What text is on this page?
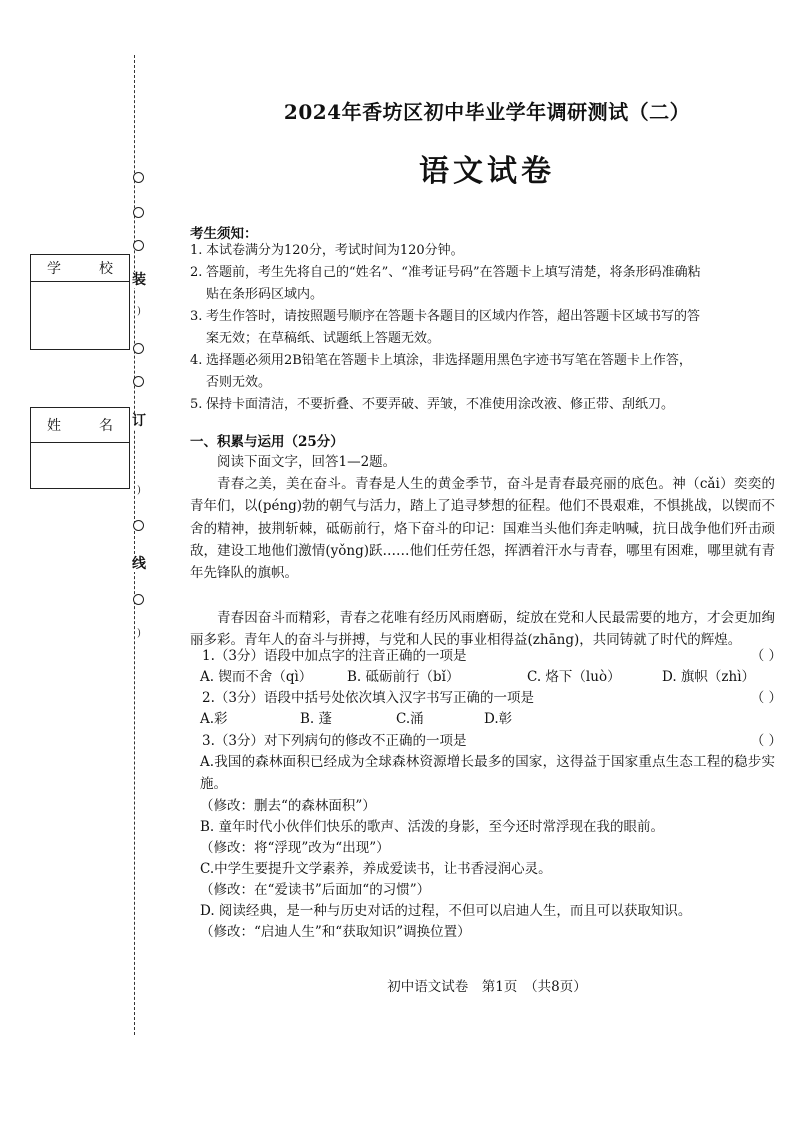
装
)
订
)
线
)
学	校
姓	名
2024年香坊区初中毕业学年调研测试（二）
语文试卷
考生须知：
1. 本试卷满分为120分，考试时间为120分钟。
2. 答题前，考生先将自己的“姓名”、“准考证号码”在答题卡上填写清楚，将条形码准确粘
贴在条形码区域内。
3. 考生作答时，请按照题号顺序在答题卡各题目的区域内作答，超出答题卡区域书写的答
案无效；在草稿纸、试题纸上答题无效。
4. 选择题必须用2B铅笔在答题卡上填涂，非选择题用黑色字迹书写笔在答题卡上作答，
否则无效。
5. 保持卡面清洁，不要折叠、不要弄破、弄皱，不准使用涂改液、修正带、刮纸刀。
一、积累与运用（25分）
阅读下面文字，回答1—2题。
青春之美，美在奋斗。青春是人生的黄金季节，奋斗是青春最亮丽的底色。神（cǎi）奕奕的青年们，以(péng)勃的朝气与活力，踏上了追寻梦想的征程。他们不畏艰难，不惧挑战，以锲而不舍的精神，披荆斩棘，砥砺前行，烙下奋斗的印记：国难当头他们奔走呐喊，抗日战争他们歼击顽敌，建设工地他们激情(yǒng)跃……他们任劳任怨，挥洒着汗水与青春，哪里有困难，哪里就有青年先锋队的旗帜。
青春因奋斗而精彩，青春之花唯有经历风雨磨砺，绽放在党和人民最需要的地方，才会更加绚丽多彩。青年人的奋斗与拼搏，与党和人民的事业相得益(zhāng)，共同铸就了时代的辉煌。
1.（3分）语段中加点字的注音正确的一项是	（ ）
A. 锲而不舍（qì）	B. 砥砺前行（bǐ）	C. 烙下（luò）	D. 旗帜（zhì）
2.（3分）语段中括号处依次填入汉字书写正确的一项是	（ ）
A.彩	B. 蓬	C.涌	D.彰
3.（3分）对下列病句的修改不正确的一项是	（ ）
A.我国的森林面积已经成为全球森林资源增长最多的国家，这得益于国家重点生态工程的稳步实施。
（修改：删去“的森林面积”）
B. 童年时代小伙伴们快乐的歌声、活泼的身影，至今还时常浮现在我的眼前。
（修改：将“浮现”改为“出现”）
C.中学生要提升文学素养，养成爱读书，让书香浸润心灵。
（修改：在“爱读书”后面加“的习惯”）
D. 阅读经典，是一种与历史对话的过程，不但可以启迪人生，而且可以获取知识。
（修改：“启迪人生”和“获取知识”调换位置）
初中语文试卷　第1页　（共8页）
